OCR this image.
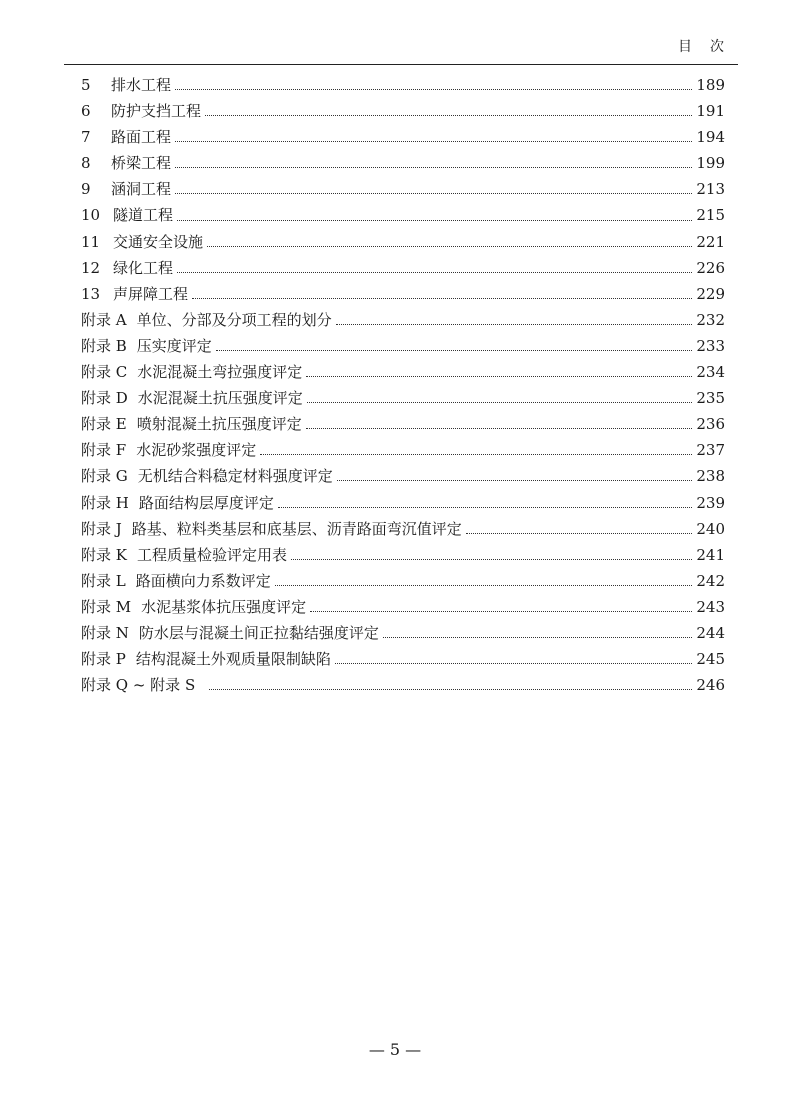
目　次
5	排水工程	189
6	防护支挡工程	191
7	路面工程	194
8	桥梁工程	199
9	涵洞工程	213
10 隧道工程	215
11 交通安全设施	221
12 绿化工程	226
13 声屏障工程	229
附录 A 单位、分部及分项工程的划分	232
附录 B 压实度评定	233
附录 C 水泥混凝土弯拉强度评定	234
附录 D 水泥混凝土抗压强度评定	235
附录 E 喷射混凝土抗压强度评定	236
附录 F 水泥砂浆强度评定	237
附录 G 无机结合料稳定材料强度评定	238
附录 H 路面结构层厚度评定	239
附录 J 路基、粒料类基层和底基层、沥青路面弯沉值评定	240
附录 K 工程质量检验评定用表	241
附录 L 路面横向力系数评定	242
附录 M 水泥基浆体抗压强度评定	243
附录 N 防水层与混凝土间正拉黏结强度评定	244
附录 P 结构混凝土外观质量限制缺陷	245
附录 Q ~ 附录 S	246
— 5 —
